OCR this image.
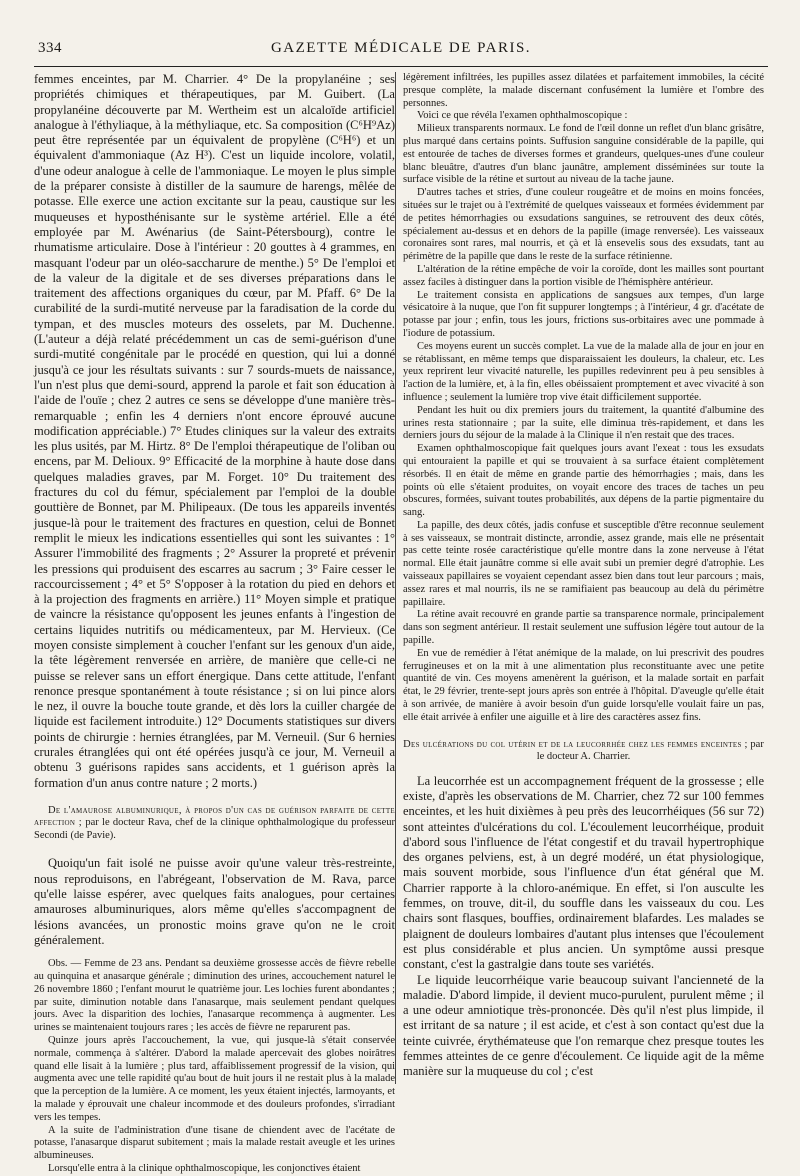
334	GAZETTE MÉDICALE DE PARIS.

femmes enceintes, par M. Charrier. 4° De la propylanéine ; ses propriétés chimiques et thérapeutiques, par M. Guibert. (La propylanéine découverte par M. Wertheim est un alcaloïde artificiel analogue à l'éthyliaque, à la méthyliaque, etc. Sa composition (C⁶H⁹Az) peut être représentée par un équivalent de propylène (C⁶H⁶) et un équivalent d'ammoniaque (Az H³). C'est un liquide incolore, volatil, d'une odeur analogue à celle de l'ammoniaque. Le moyen le plus simple de la préparer consiste à distiller de la saumure de harengs, mêlée de potasse. Elle exerce une action excitante sur la peau, caustique sur les muqueuses et hyposthénisante sur le système artériel. Elle a été employée par M. Awénarius (de Saint-Pétersbourg), contre le rhumatisme articulaire. Dose à l'intérieur : 20 gouttes à 4 grammes, en masquant l'odeur par un oléo-saccharure de menthe.) 5° De l'emploi et de la valeur de la digitale et de ses diverses préparations dans le traitement des affections organiques du cœur, par M. Pfaff. 6° De la curabilité de la surdi-mutité nerveuse par la faradisation de la corde du tympan, et des muscles moteurs des osselets, par M. Duchenne. (L'auteur a déjà relaté précédemment un cas de semi-guérison d'une surdi-mutité congénitale par le procédé en question, qui lui a donné jusqu'à ce jour les résultats suivants : sur 7 sourds-muets de naissance, l'un n'est plus que demi-sourd, apprend la parole et fait son éducation à l'aide de l'ouïe ; chez 2 autres ce sens se développe d'une manière très-remarquable ; enfin les 4 derniers n'ont encore éprouvé aucune modification appréciable.) 7° Etudes cliniques sur la valeur des extraits les plus usités, par M. Hirtz. 8° De l'emploi thérapeutique de l'oliban ou encens, par M. Delioux. 9° Efficacité de la morphine à haute dose dans quelques maladies graves, par M. Forget. 10° Du traitement des fractures du col du fémur, spécialement par l'emploi de la double gouttière de Bonnet, par M. Philipeaux. (De tous les appareils inventés jusque-là pour le traitement des fractures en question, celui de Bonnet remplit le mieux les indications essentielles qui sont les suivantes : 1° Assurer l'immobilité des fragments ; 2° Assurer la propreté et prévenir les pressions qui produisent des escarres au sacrum ; 3° Faire cesser le raccourcissement ; 4° et 5° S'opposer à la rotation du pied en dehors et à la projection des fragments en arrière.) 11° Moyen simple et pratique de vaincre la résistance qu'opposent les jeunes enfants à l'ingestion de certains liquides nutritifs ou médicamenteux, par M. Hervieux. (Ce moyen consiste simplement à coucher l'enfant sur les genoux d'un aide, la tête légèrement renversée en arrière, de manière que celle-ci ne puisse se relever sans un effort énergique. Dans cette attitude, l'enfant renonce presque spontanément à toute résistance ; si on lui pince alors le nez, il ouvre la bouche toute grande, et dès lors la cuiller chargée de liquide est facilement introduite.) 12° Documents statistiques sur divers points de chirurgie : hernies étranglées, par M. Verneuil. (Sur 6 hernies crurales étranglées qui ont été opérées jusqu'à ce jour, M. Verneuil a obtenu 3 guérisons rapides sans accidents, et 1 guérison après la formation d'un anus contre nature ; 2 morts.)

De l'amaurose albuminurique, à propos d'un cas de guérison parfaite de cette affection ; par le docteur Rava, chef de la clinique ophthalmologique du professeur Secondi (de Pavie).

Quoiqu'un fait isolé ne puisse avoir qu'une valeur très-restreinte, nous reproduisons, en l'abrégeant, l'observation de M. Rava, parce qu'elle laisse espérer, avec quelques faits analogues, pour certaines amauroses albuminuriques, alors même qu'elles s'accompagnent de lésions avancées, un pronostic moins grave qu'on ne le croit généralement.

Obs. — Femme de 23 ans. Pendant sa deuxième grossesse accès de fièvre rebelle au quinquina et anasarque générale ; diminution des urines, accouchement naturel le 26 novembre 1860 ; l'enfant mourut le quatrième jour. Les lochies furent abondantes ; par suite, diminution notable dans l'anasarque, mais seulement pendant quelques jours. Avec la disparition des lochies, l'anasarque recommença à augmenter. Les urines se maintenaient toujours rares ; les accès de fièvre ne reparurent pas.

Quinze jours après l'accouchement, la vue, qui jusque-là s'était conservée normale, commença à s'altérer. D'abord la malade apercevait des globes noirâtres quand elle lisait à la lumière ; plus tard, affaiblissement progressif de la vision, qui augmenta avec une telle rapidité qu'au bout de huit jours il ne restait plus à la malade que la perception de la lumière. A ce moment, les yeux étaient injectés, larmoyants, et la malade y éprouvait une chaleur incommode et des douleurs profondes, s'irradiant vers les tempes.

A la suite de l'administration d'une tisane de chiendent avec de l'acétate de potasse, l'anasarque disparut subitement ; mais la malade restait aveugle et les urines albumineuses.

Lorsqu'elle entra à la clinique ophthalmoscopique, les conjonctives étaient

légèrement infiltrées, les pupilles assez dilatées et parfaitement immobiles, la cécité presque complète, la malade discernant confusément la lumière et l'ombre des personnes.

Voici ce que révéla l'examen ophthalmoscopique :

Milieux transparents normaux. Le fond de l'œil donne un reflet d'un blanc grisâtre, plus marqué dans certains points. Suffusion sanguine considérable de la papille, qui est entourée de taches de diverses formes et grandeurs, quelques-unes d'une couleur blanc bleuâtre, d'autres d'un blanc jaunâtre, amplement disséminées sur toute la surface visible de la rétine et surtout au niveau de la tache jaune.

D'autres taches et stries, d'une couleur rougeâtre et de moins en moins foncées, situées sur le trajet ou à l'extrémité de quelques vaisseaux et formées évidemment par de petites hémorrhagies ou exsudations sanguines, se retrouvent des deux côtés, spécialement au-dessus et en dehors de la papille (image renversée). Les vaisseaux coronaires sont rares, mal nourris, et çà et là ensevelis sous des exsudats, tant au périmètre de la papille que dans le reste de la surface rétinienne.

L'altération de la rétine empêche de voir la coroïde, dont les mailles sont pourtant assez faciles à distinguer dans la portion visible de l'hémisphère antérieur.

Le traitement consista en applications de sangsues aux tempes, d'un large vésicatoire à la nuque, que l'on fit suppurer longtemps ; à l'intérieur, 4 gr. d'acétate de potasse par jour ; enfin, tous les jours, frictions sus-orbitaires avec une pommade à l'iodure de potassium.

Ces moyens eurent un succès complet. La vue de la malade alla de jour en jour en se rétablissant, en même temps que disparaissaient les douleurs, la chaleur, etc. Les yeux reprirent leur vivacité naturelle, les pupilles redevinrent peu à peu sensibles à l'action de la lumière, et, à la fin, elles obéissaient promptement et avec vivacité à son influence ; seulement la lumière trop vive était difficilement supportée.

Pendant les huit ou dix premiers jours du traitement, la quantité d'albumine des urines resta stationnaire ; par la suite, elle diminua très-rapidement, et dans les derniers jours du séjour de la malade à la Clinique il n'en restait que des traces.

Examen ophthalmoscopique fait quelques jours avant l'exeat : tous les exsudats qui entouraient la papille et qui se trouvaient à sa surface étaient complètement résorbés. Il en était de même en grande partie des hémorrhagies ; mais, dans les points où elle s'étaient produites, on voyait encore des traces de taches un peu obscures, formées, suivant toutes probabilités, aux dépens de la partie pigmentaire du sang.

La papille, des deux côtés, jadis confuse et susceptible d'être reconnue seulement à ses vaisseaux, se montrait distincte, arrondie, assez grande, mais elle ne présentait pas cette teinte rosée caractéristique qu'elle montre dans la zone nerveuse à l'état normal. Elle était jaunâtre comme si elle avait subi un premier degré d'atrophie. Les vaisseaux papillaires se voyaient cependant assez bien dans tout leur parcours ; mais, assez rares et mal nourris, ils ne se ramifiaient pas beaucoup au delà du périmètre papillaire.

La rétine avait recouvré en grande partie sa transparence normale, principalement dans son segment antérieur. Il restait seulement une suffusion légère tout autour de la papille.

En vue de remédier à l'état anémique de la malade, on lui prescrivit des poudres ferrugineuses et on la mit à une alimentation plus reconstituante avec une petite quantité de vin. Ces moyens amenèrent la guérison, et la malade sortait en parfait état, le 29 février, trente-sept jours après son entrée à l'hôpital. D'aveugle qu'elle était à son arrivée, de manière à avoir besoin d'un guide lorsqu'elle voulait faire un pas, elle était arrivée à enfiler une aiguille et à lire des caractères assez fins.

Des ulcérations du col utérin et de la leucorrhée chez les femmes enceintes ; par le docteur A. Charrier.

La leucorrhée est un accompagnement fréquent de la grossesse ; elle existe, d'après les observations de M. Charrier, chez 72 sur 100 femmes enceintes, et les huit dixièmes à peu près des leucorrhéiques (56 sur 72) sont atteintes d'ulcérations du col. L'écoulement leucorrhéique, produit d'abord sous l'influence de l'état congestif et du travail hypertrophique des organes pelviens, est, à un degré modéré, un état physiologique, mais souvent morbide, sous l'influence d'un état général que M. Charrier rapporte à la chloro-anémique. En effet, si l'on ausculte les femmes, on trouve, dit-il, du souffle dans les vaisseaux du cou. Les chairs sont flasques, bouffies, ordinairement blafardes. Les malades se plaignent de douleurs lombaires d'autant plus intenses que l'écoulement est plus considérable et plus ancien. Un symptôme aussi presque constant, c'est la gastralgie dans toute ses variétés.

Le liquide leucorrhéique varie beaucoup suivant l'ancienneté de la maladie. D'abord limpide, il devient muco-purulent, purulent même ; il a une odeur amniotique très-prononcée. Dès qu'il n'est plus limpide, il est irritant de sa nature ; il est acide, et c'est à son contact qu'est due la teinte cuivrée, érythémateuse que l'on remarque chez presque toutes les femmes atteintes de ce genre d'écoulement. Ce liquide agit de la même manière sur la muqueuse du col ; c'est
